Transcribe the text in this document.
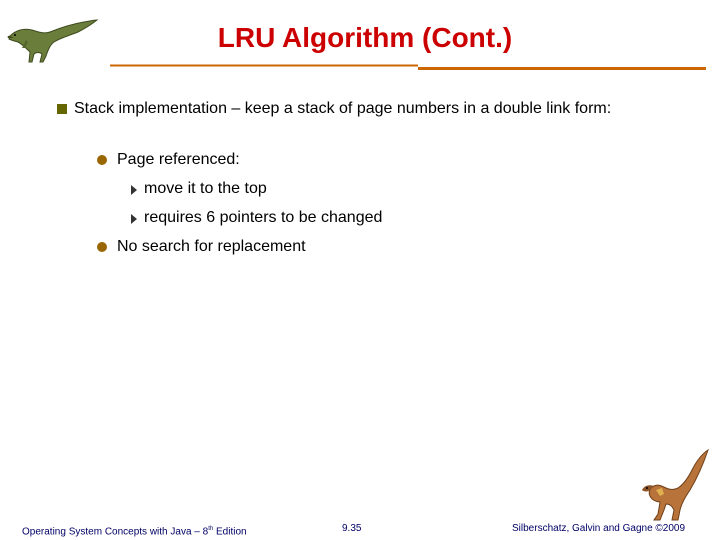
LRU Algorithm (Cont.)
Stack implementation – keep a stack of page numbers in a double link form:
Page referenced:
move it to the top
requires 6 pointers to be changed
No search for replacement
Operating System Concepts with Java – 8th Edition	9.35	Silberschatz, Galvin and Gagne ©2009
